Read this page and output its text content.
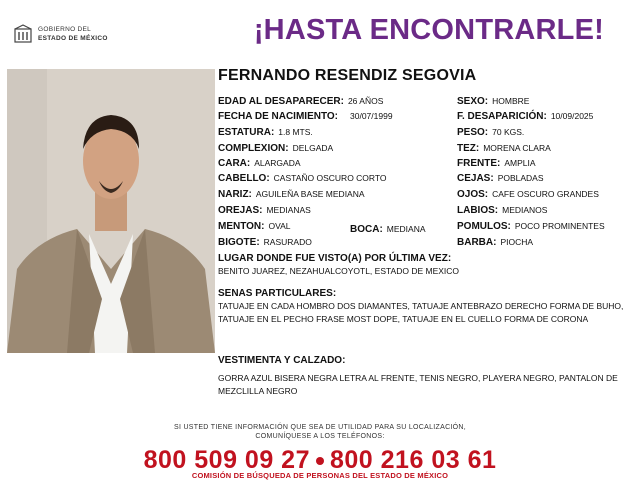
GOBIERNO DEL
ESTADO DE MÉXICO	¡HASTA ENCONTRARLE!
FERNANDO RESENDIZ SEGOVIA
EDAD AL DESAPARECER: 26 AÑOS
FECHA DE NACIMIENTO: 30/07/1999
ESTATURA: 1.8 MTS.
COMPLEXION: DELGADA
CARA: ALARGADA
CABELLO: CASTAÑO OSCURO CORTO
NARIZ: AGUILEÑA BASE MEDIANA
OREJAS: MEDIANAS
MENTON: OVAL	BOCA: MEDIANA
BIGOTE: RASURADO
SEXO: HOMBRE
F. DESAPARICIÓN: 10/09/2025
PESO: 70 KGS.
TEZ: MORENA CLARA
FRENTE: AMPLIA
CEJAS: POBLADAS
OJOS: CAFE OSCURO GRANDES
LABIOS: MEDIANOS
POMULOS: POCO PROMINENTES
BARBA: PIOCHA
LUGAR DONDE FUE VISTO(A) POR ÚLTIMA VEZ:
BENITO JUAREZ, NEZAHUALCOYOTL, ESTADO DE MEXICO
SENAS PARTICULARES:
TATUAJE EN CADA HOMBRO DOS DIAMANTES, TATUAJE ANTEBRAZO DERECHO FORMA DE BUHO, TATUAJE EN EL PECHO FRASE MOST DOPE, TATUAJE EN EL CUELLO FORMA DE CORONA
VESTIMENTA Y CALZADO:
GORRA AZUL BISERA NEGRA LETRA AL FRENTE, TENIS NEGRO, PLAYERA NEGRO, PANTALON DE MEZCLILLA NEGRO
SI USTED TIENE INFORMACIÓN QUE SEA DE UTILIDAD PARA SU LOCALIZACIÓN,
COMUNÍQUESE A LOS TELÉFONOS:
800 509 09 27 800 216 03 61
COMISIÓN DE BÚSQUEDA DE PERSONAS DEL ESTADO DE MÉXICO
